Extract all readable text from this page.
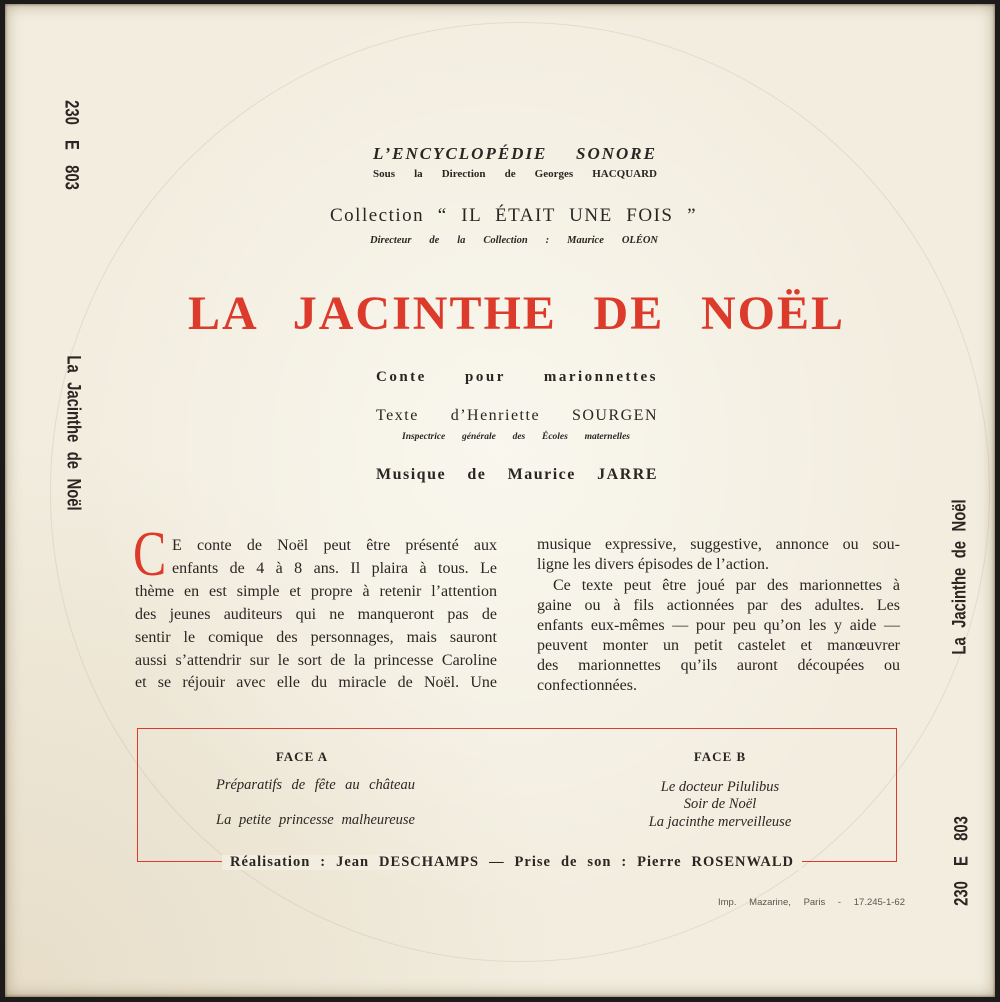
230 E 803
La Jacinthe de Noël
La Jacinthe de Noël
230 E 803
L’ENCYCLOPÉDIE SONORE
Sous la Direction de Georges HACQUARD
Collection “ IL ÉTAIT UNE FOIS ”
Directeur de la Collection : Maurice OLÉON
LA JACINTHE DE NOËL
Conte pour marionnettes
Texte d’Henriette SOURGEN
Inspectrice générale des Écoles maternelles
Musique de Maurice JARRE
C E conte de Noël peut être présenté aux
enfants de 4 à 8 ans. Il plaira à tous. Le
thème en est simple et propre à retenir l’attention
des jeunes auditeurs qui ne manqueront pas de
sentir le comique des personnages, mais sauront
aussi s’attendrir sur le sort de la princesse Caroline
et se réjouir avec elle du miracle de Noël. Une
musique expressive, suggestive, annonce ou sou-
ligne les divers épisodes de l’action.
Ce texte peut être joué par des marionnettes à
gaine ou à fils actionnées par des adultes. Les
enfants eux-mêmes — pour peu qu’on les y aide —
peuvent monter un petit castelet et manœuvrer
des marionnettes qu’ils auront découpées ou
confectionnées.
FACE A
Préparatifs de fête au château
La petite princesse malheureuse
FACE B
Le docteur Pilulibus
Soir de Noël
La jacinthe merveilleuse
Réalisation : Jean DESCHAMPS — Prise de son : Pierre ROSENWALD
Imp. Mazarine, Paris - 17.245-1-62
